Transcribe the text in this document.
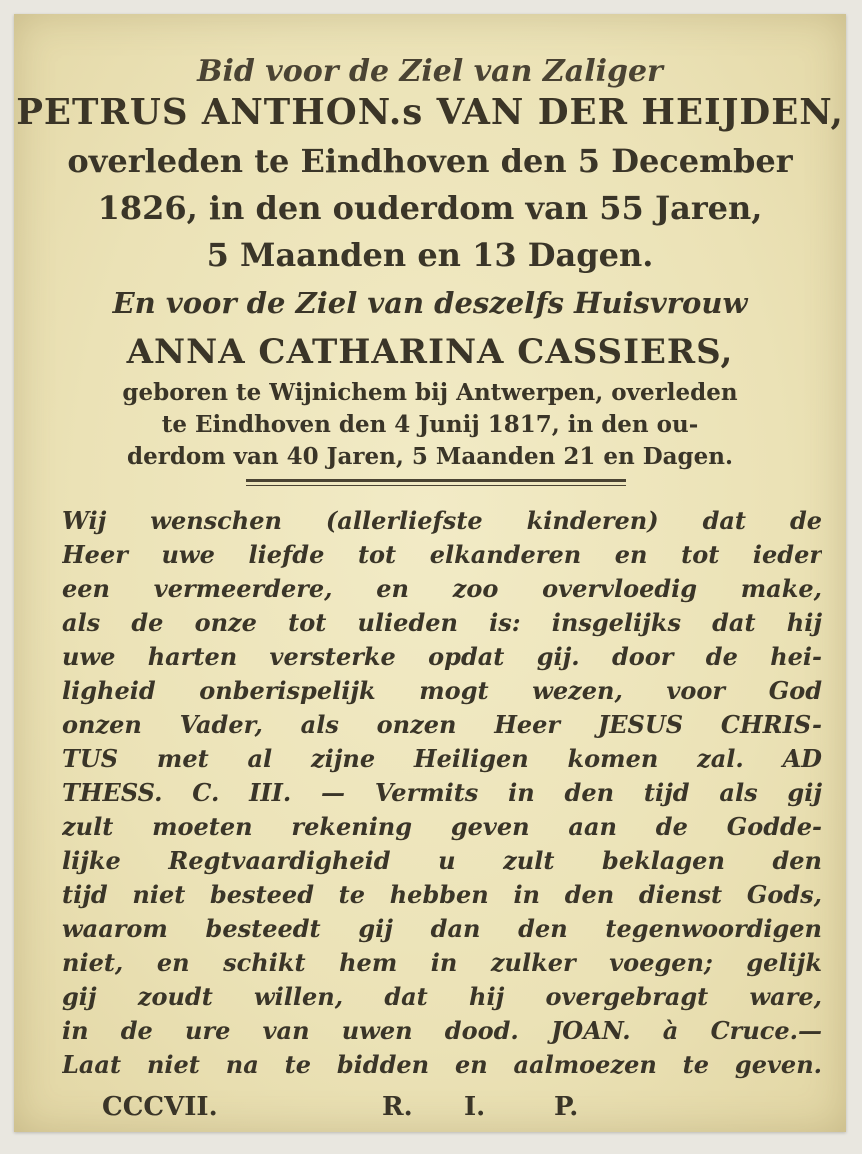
Bid voor de Ziel van Zaliger
PETRUS ANTHON.s VAN DER HEIJDEN,
overleden te Eindhoven den 5 December
1826, in den ouderdom van 55 Jaren,
5 Maanden en 13 Dagen.
En voor de Ziel van deszelfs Huisvrouw
ANNA CATHARINA CASSIERS,
geboren te Wijnichem bij Antwerpen, overleden
te Eindhoven den 4 Junij 1817, in den ou-
derdom van 40 Jaren, 5 Maanden 21 en Dagen.
Wij wenschen (allerliefste kinderen) dat de
Heer uwe liefde tot elkanderen en tot ieder
een vermeerdere, en zoo overvloedig make,
als de onze tot ulieden is: insgelijks dat hij
uwe harten versterke opdat gij. door de hei-
ligheid onberispelijk mogt wezen, voor God
onzen Vader, als onzen Heer JESUS CHRIS-
TUS met al zijne Heiligen komen zal. AD
THESS. C. III. — Vermits in den tijd als gij
zult moeten rekening geven aan de Godde-
lijke Regtvaardigheid u zult beklagen den
tijd niet besteed te hebben in den dienst Gods,
waarom besteedt gij dan den tegenwoordigen
niet, en schikt hem in zulker voegen; gelijk
gij zoudt willen, dat hij overgebragt ware,
in de ure van uwen dood. JOAN. à Cruce.—
Laat niet na te bidden en aalmoezen te geven.
CCCVII.	R. I.	P.
